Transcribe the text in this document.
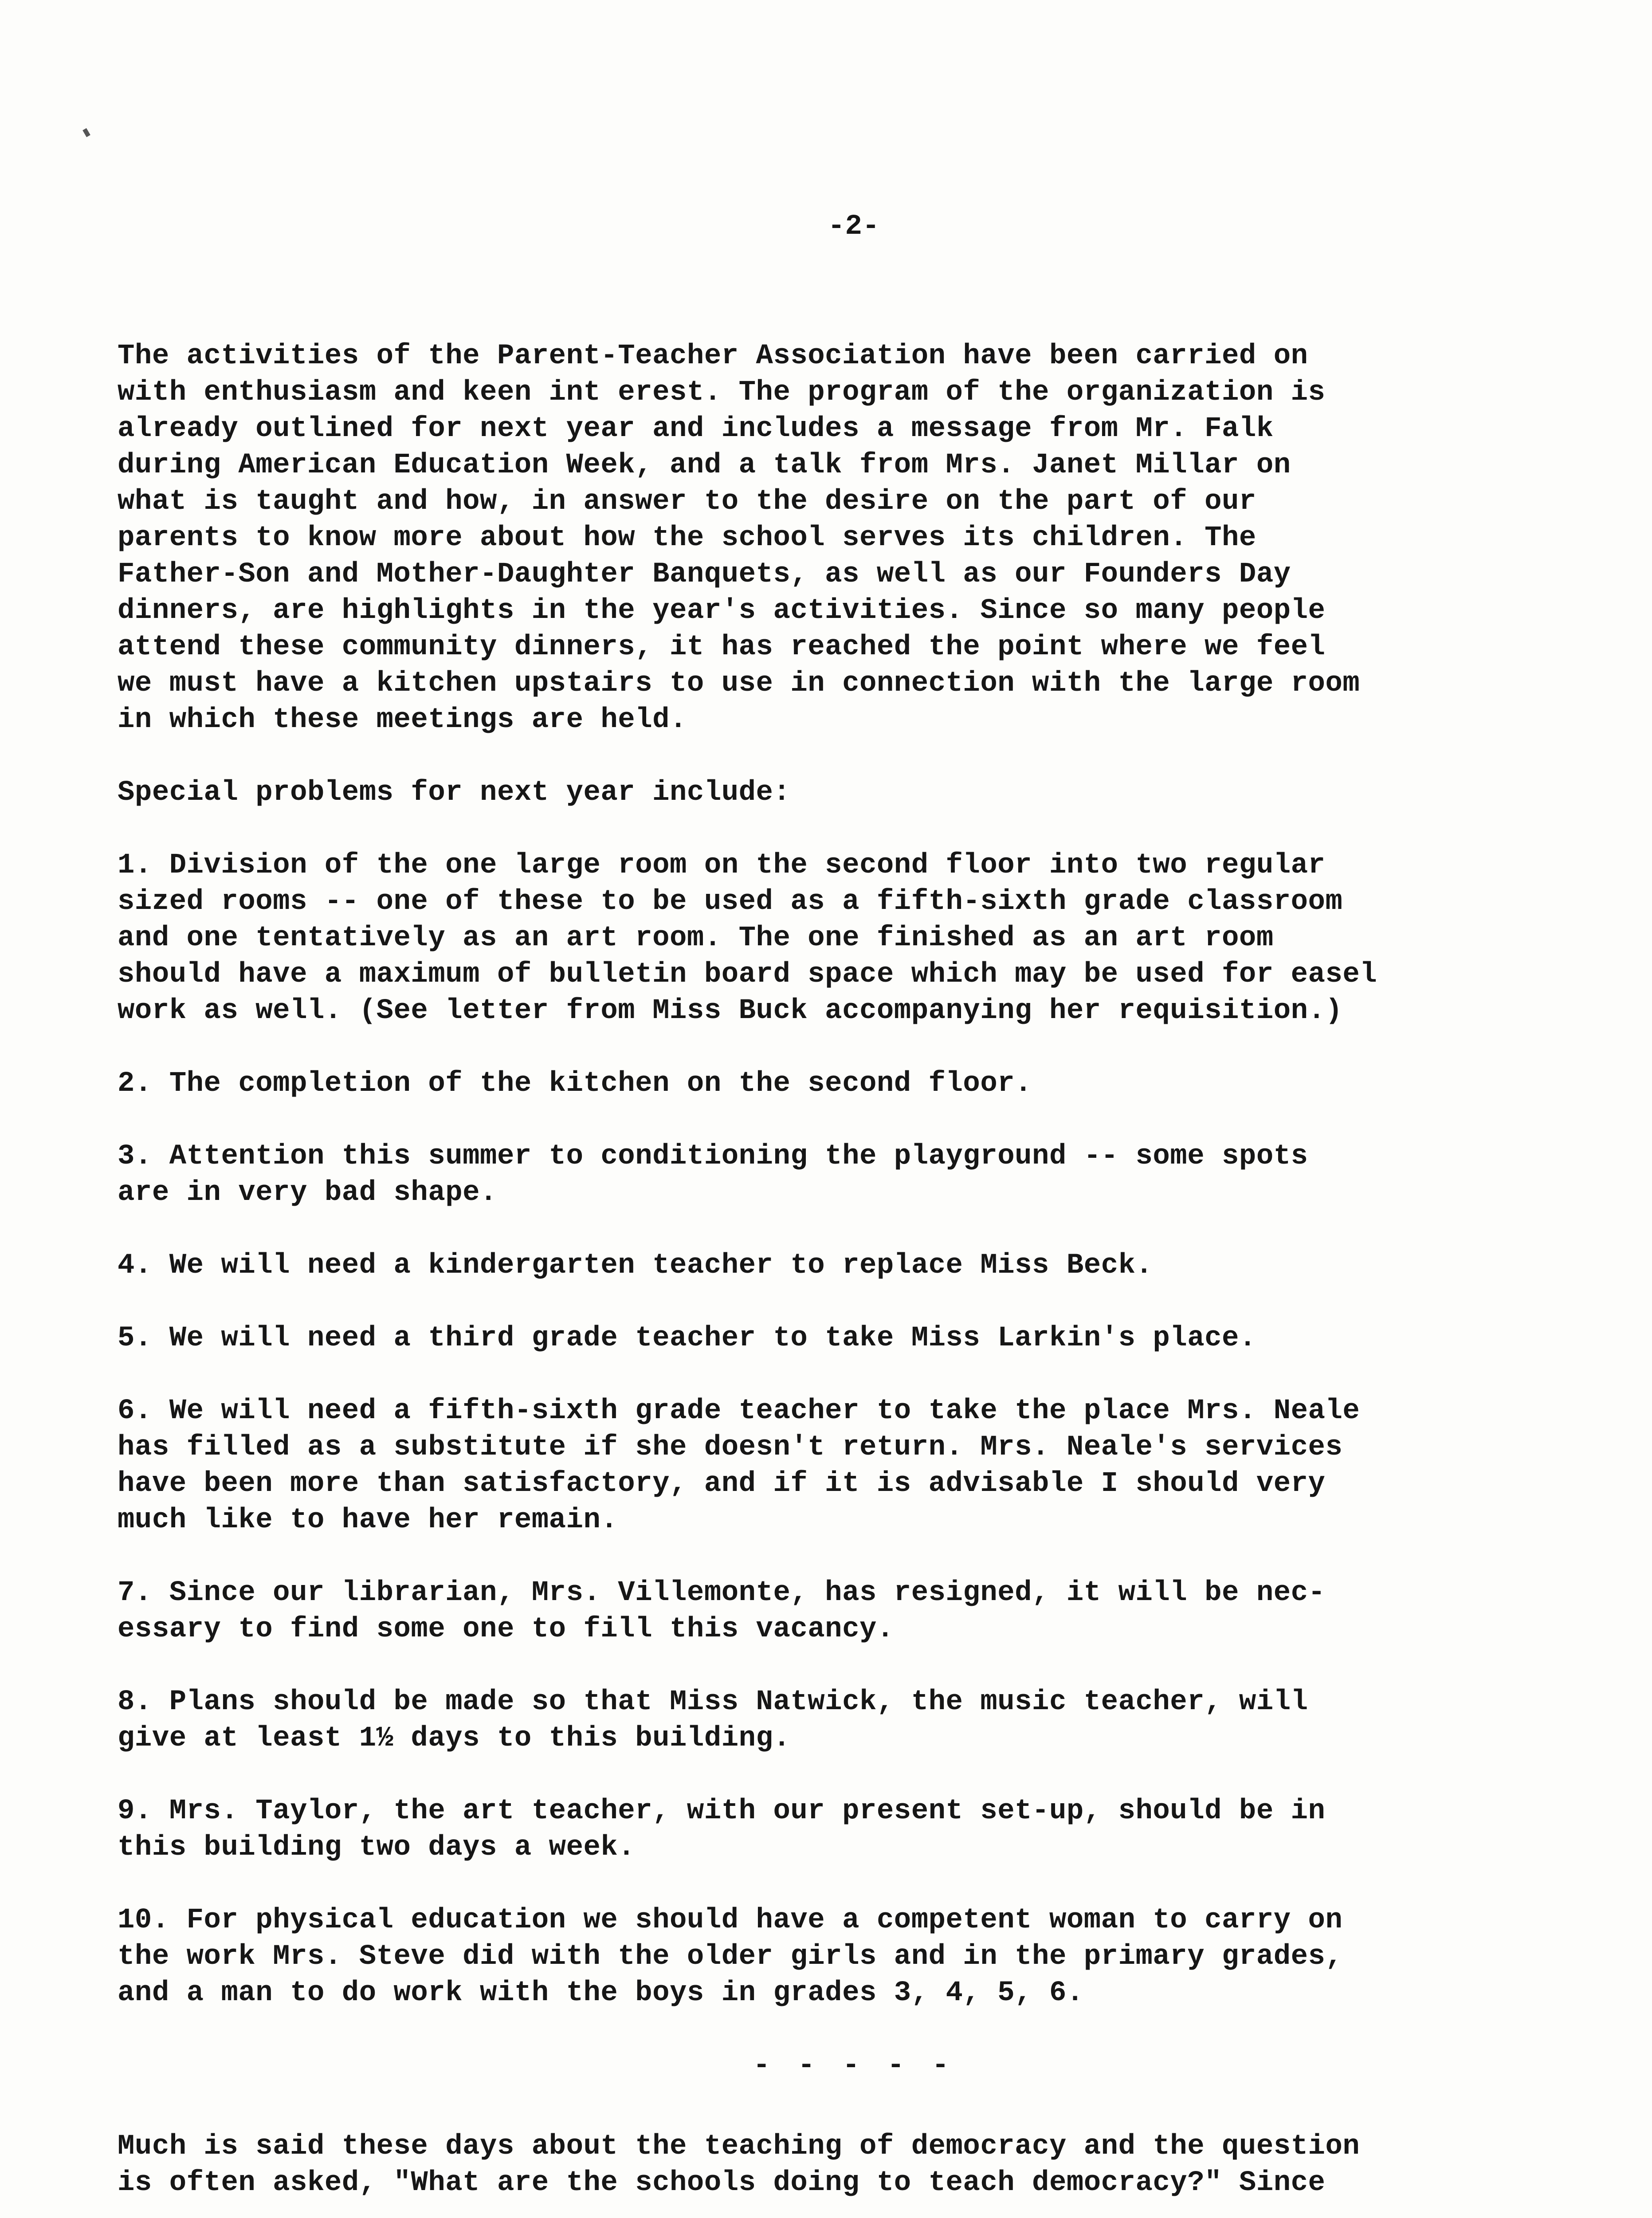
-2-

The activities of the Parent-Teacher Association have been carried on
with enthusiasm and keen int erest. The program of the organization is
already outlined for next year and includes a message from Mr. Falk
during American Education Week, and a talk from Mrs. Janet Millar on
what is taught and how, in answer to the desire on the part of our
parents to know more about how the school serves its children. The
Father-Son and Mother-Daughter Banquets, as well as our Founders Day
dinners, are highlights in the year's activities. Since so many people
attend these community dinners, it has reached the point where we feel
we must have a kitchen upstairs to use in connection with the large room
in which these meetings are held.

Special problems for next year include:

1. Division of the one large room on the second floor into two regular
sized rooms -- one of these to be used as a fifth-sixth grade classroom
and one tentatively as an art room. The one finished as an art room
should have a maximum of bulletin board space which may be used for easel
work as well. (See letter from Miss Buck accompanying her requisition.)

2. The completion of the kitchen on the second floor.

3. Attention this summer to conditioning the playground -- some spots
are in very bad shape.

4. We will need a kindergarten teacher to replace Miss Beck.

5. We will need a third grade teacher to take Miss Larkin's place.

6. We will need a fifth-sixth grade teacher to take the place Mrs. Neale
has filled as a substitute if she doesn't return. Mrs. Neale's services
have been more than satisfactory, and if it is advisable I should very
much like to have her remain.

7. Since our librarian, Mrs. Villemonte, has resigned, it will be nec-
essary to find some one to fill this vacancy.

8. Plans should be made so that Miss Natwick, the music teacher, will
give at least 1½ days to this building.

9. Mrs. Taylor, the art teacher, with our present set-up, should be in
this building two days a week.

10. For physical education we should have a competent woman to carry on
the work Mrs. Steve did with the older girls and in the primary grades,
and a man to do work with the boys in grades 3, 4, 5, 6.

- - - - -

Much is said these days about the teaching of democracy and the question
is often asked, "What are the schools doing to teach democracy?" Since
